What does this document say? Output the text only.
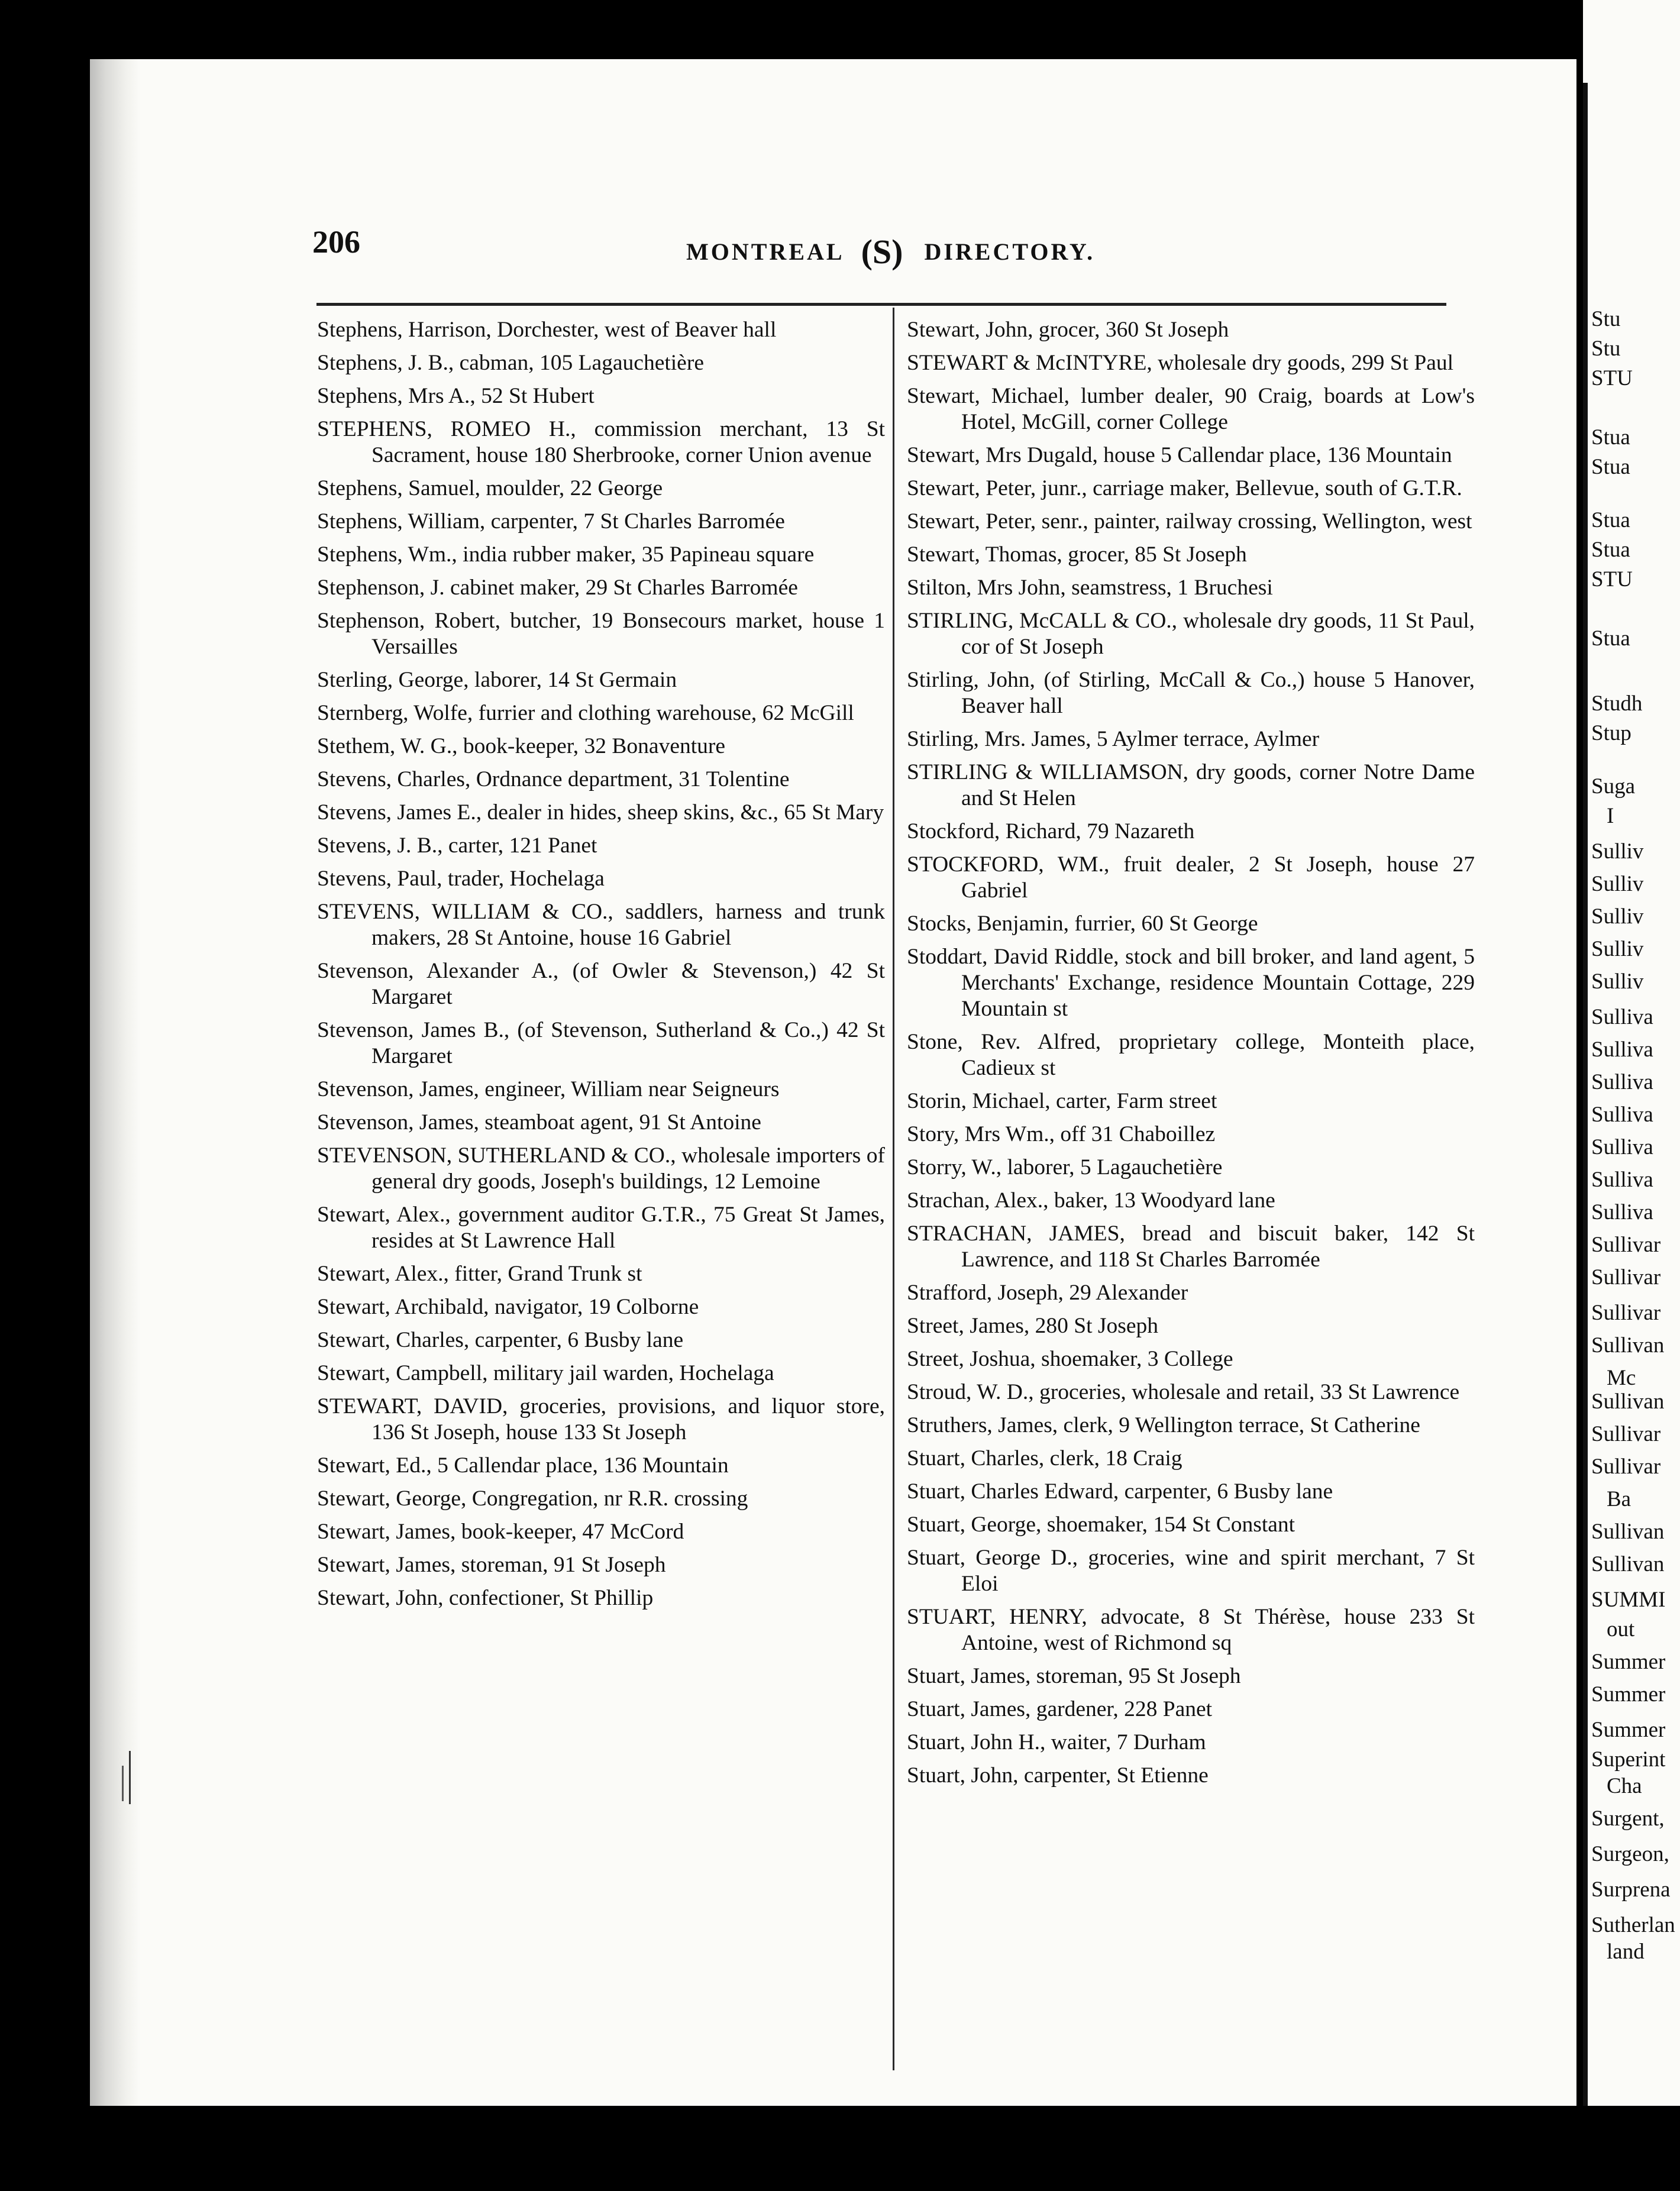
206	MONTREAL (S) DIRECTORY.
Stephens, Harrison, Dorchester, west of Beaver hall
Stephens, J. B., cabman, 105 Lagauchetière
Stephens, Mrs A., 52 St Hubert
STEPHENS, ROMEO H., commission merchant, 13 St Sacrament, house 180 Sherbrooke, corner Union avenue
Stephens, Samuel, moulder, 22 George
Stephens, William, carpenter, 7 St Charles Barromée
Stephens, Wm., india rubber maker, 35 Papineau square
Stephenson, J. cabinet maker, 29 St Charles Barromée
Stephenson, Robert, butcher, 19 Bonsecours market, house 1 Versailles
Sterling, George, laborer, 14 St Germain
Sternberg, Wolfe, furrier and clothing warehouse, 62 McGill
Stethem, W. G., book-keeper, 32 Bonaventure
Stevens, Charles, Ordnance department, 31 Tolentine
Stevens, James E., dealer in hides, sheep skins, &c., 65 St Mary
Stevens, J. B., carter, 121 Panet
Stevens, Paul, trader, Hochelaga
STEVENS, WILLIAM & CO., saddlers, harness and trunk makers, 28 St Antoine, house 16 Gabriel
Stevenson, Alexander A., (of Owler & Stevenson,) 42 St Margaret
Stevenson, James B., (of Stevenson, Sutherland & Co.,) 42 St Margaret
Stevenson, James, engineer, William near Seigneurs
Stevenson, James, steamboat agent, 91 St Antoine
STEVENSON, SUTHERLAND & CO., wholesale importers of general dry goods, Joseph's buildings, 12 Lemoine
Stewart, Alex., government auditor G.T.R., 75 Great St James, resides at St Lawrence Hall
Stewart, Alex., fitter, Grand Trunk st
Stewart, Archibald, navigator, 19 Colborne
Stewart, Charles, carpenter, 6 Busby lane
Stewart, Campbell, military jail warden, Hochelaga
STEWART, DAVID, groceries, provisions, and liquor store, 136 St Joseph, house 133 St Joseph
Stewart, Ed., 5 Callendar place, 136 Mountain
Stewart, George, Congregation, nr R.R. crossing
Stewart, James, book-keeper, 47 McCord
Stewart, James, storeman, 91 St Joseph
Stewart, John, confectioner, St Phillip
Stewart, John, grocer, 360 St Joseph
STEWART & McINTYRE, wholesale dry goods, 299 St Paul
Stewart, Michael, lumber dealer, 90 Craig, boards at Low's Hotel, McGill, corner College
Stewart, Mrs Dugald, house 5 Callendar place, 136 Mountain
Stewart, Peter, junr., carriage maker, Bellevue, south of G.T.R.
Stewart, Peter, senr., painter, railway crossing, Wellington, west
Stewart, Thomas, grocer, 85 St Joseph
Stilton, Mrs John, seamstress, 1 Bruchesi
STIRLING, McCALL & CO., wholesale dry goods, 11 St Paul, cor of St Joseph
Stirling, John, (of Stirling, McCall & Co.,) house 5 Hanover, Beaver hall
Stirling, Mrs. James, 5 Aylmer terrace, Aylmer
STIRLING & WILLIAMSON, dry goods, corner Notre Dame and St Helen
Stockford, Richard, 79 Nazareth
STOCKFORD, WM., fruit dealer, 2 St Joseph, house 27 Gabriel
Stocks, Benjamin, furrier, 60 St George
Stoddart, David Riddle, stock and bill broker, and land agent, 5 Merchants' Exchange, residence Mountain Cottage, 229 Mountain st
Stone, Rev. Alfred, proprietary college, Monteith place, Cadieux st
Storin, Michael, carter, Farm street
Story, Mrs Wm., off 31 Chaboillez
Storry, W., laborer, 5 Lagauchetière
Strachan, Alex., baker, 13 Woodyard lane
STRACHAN, JAMES, bread and biscuit baker, 142 St Lawrence, and 118 St Charles Barromée
Strafford, Joseph, 29 Alexander
Street, James, 280 St Joseph
Street, Joshua, shoemaker, 3 College
Stroud, W. D., groceries, wholesale and retail, 33 St Lawrence
Struthers, James, clerk, 9 Wellington terrace, St Catherine
Stuart, Charles, clerk, 18 Craig
Stuart, Charles Edward, carpenter, 6 Busby lane
Stuart, George, shoemaker, 154 St Constant
Stuart, George D., groceries, wine and spirit merchant, 7 St Eloi
STUART, HENRY, advocate, 8 St Thérèse, house 233 St Antoine, west of Richmond sq
Stuart, James, storeman, 95 St Joseph
Stuart, James, gardener, 228 Panet
Stuart, John H., waiter, 7 Durham
Stuart, John, carpenter, St Etienne
Stu
Stu
STU
Stua
Stua
Stua
Stua
STU
Stua
Studh
Stup
Suga
I
Sulliv
Sulliv
Sulliv
Sulliv
Sulliv
Sulliva
Sulliva
Sulliva
Sulliva
Sulliva
Sulliva
Sulliva
Sullivar
Sullivar
Sullivar
Sullivan
Mc
Sullivan
Sullivar
Sullivar
Ba
Sullivan
Sullivan
SUMMI
out
Summer
Summer
Summer
Superint
Cha
Surgent,
Surgeon,
Surprena
Sutherlan
land
